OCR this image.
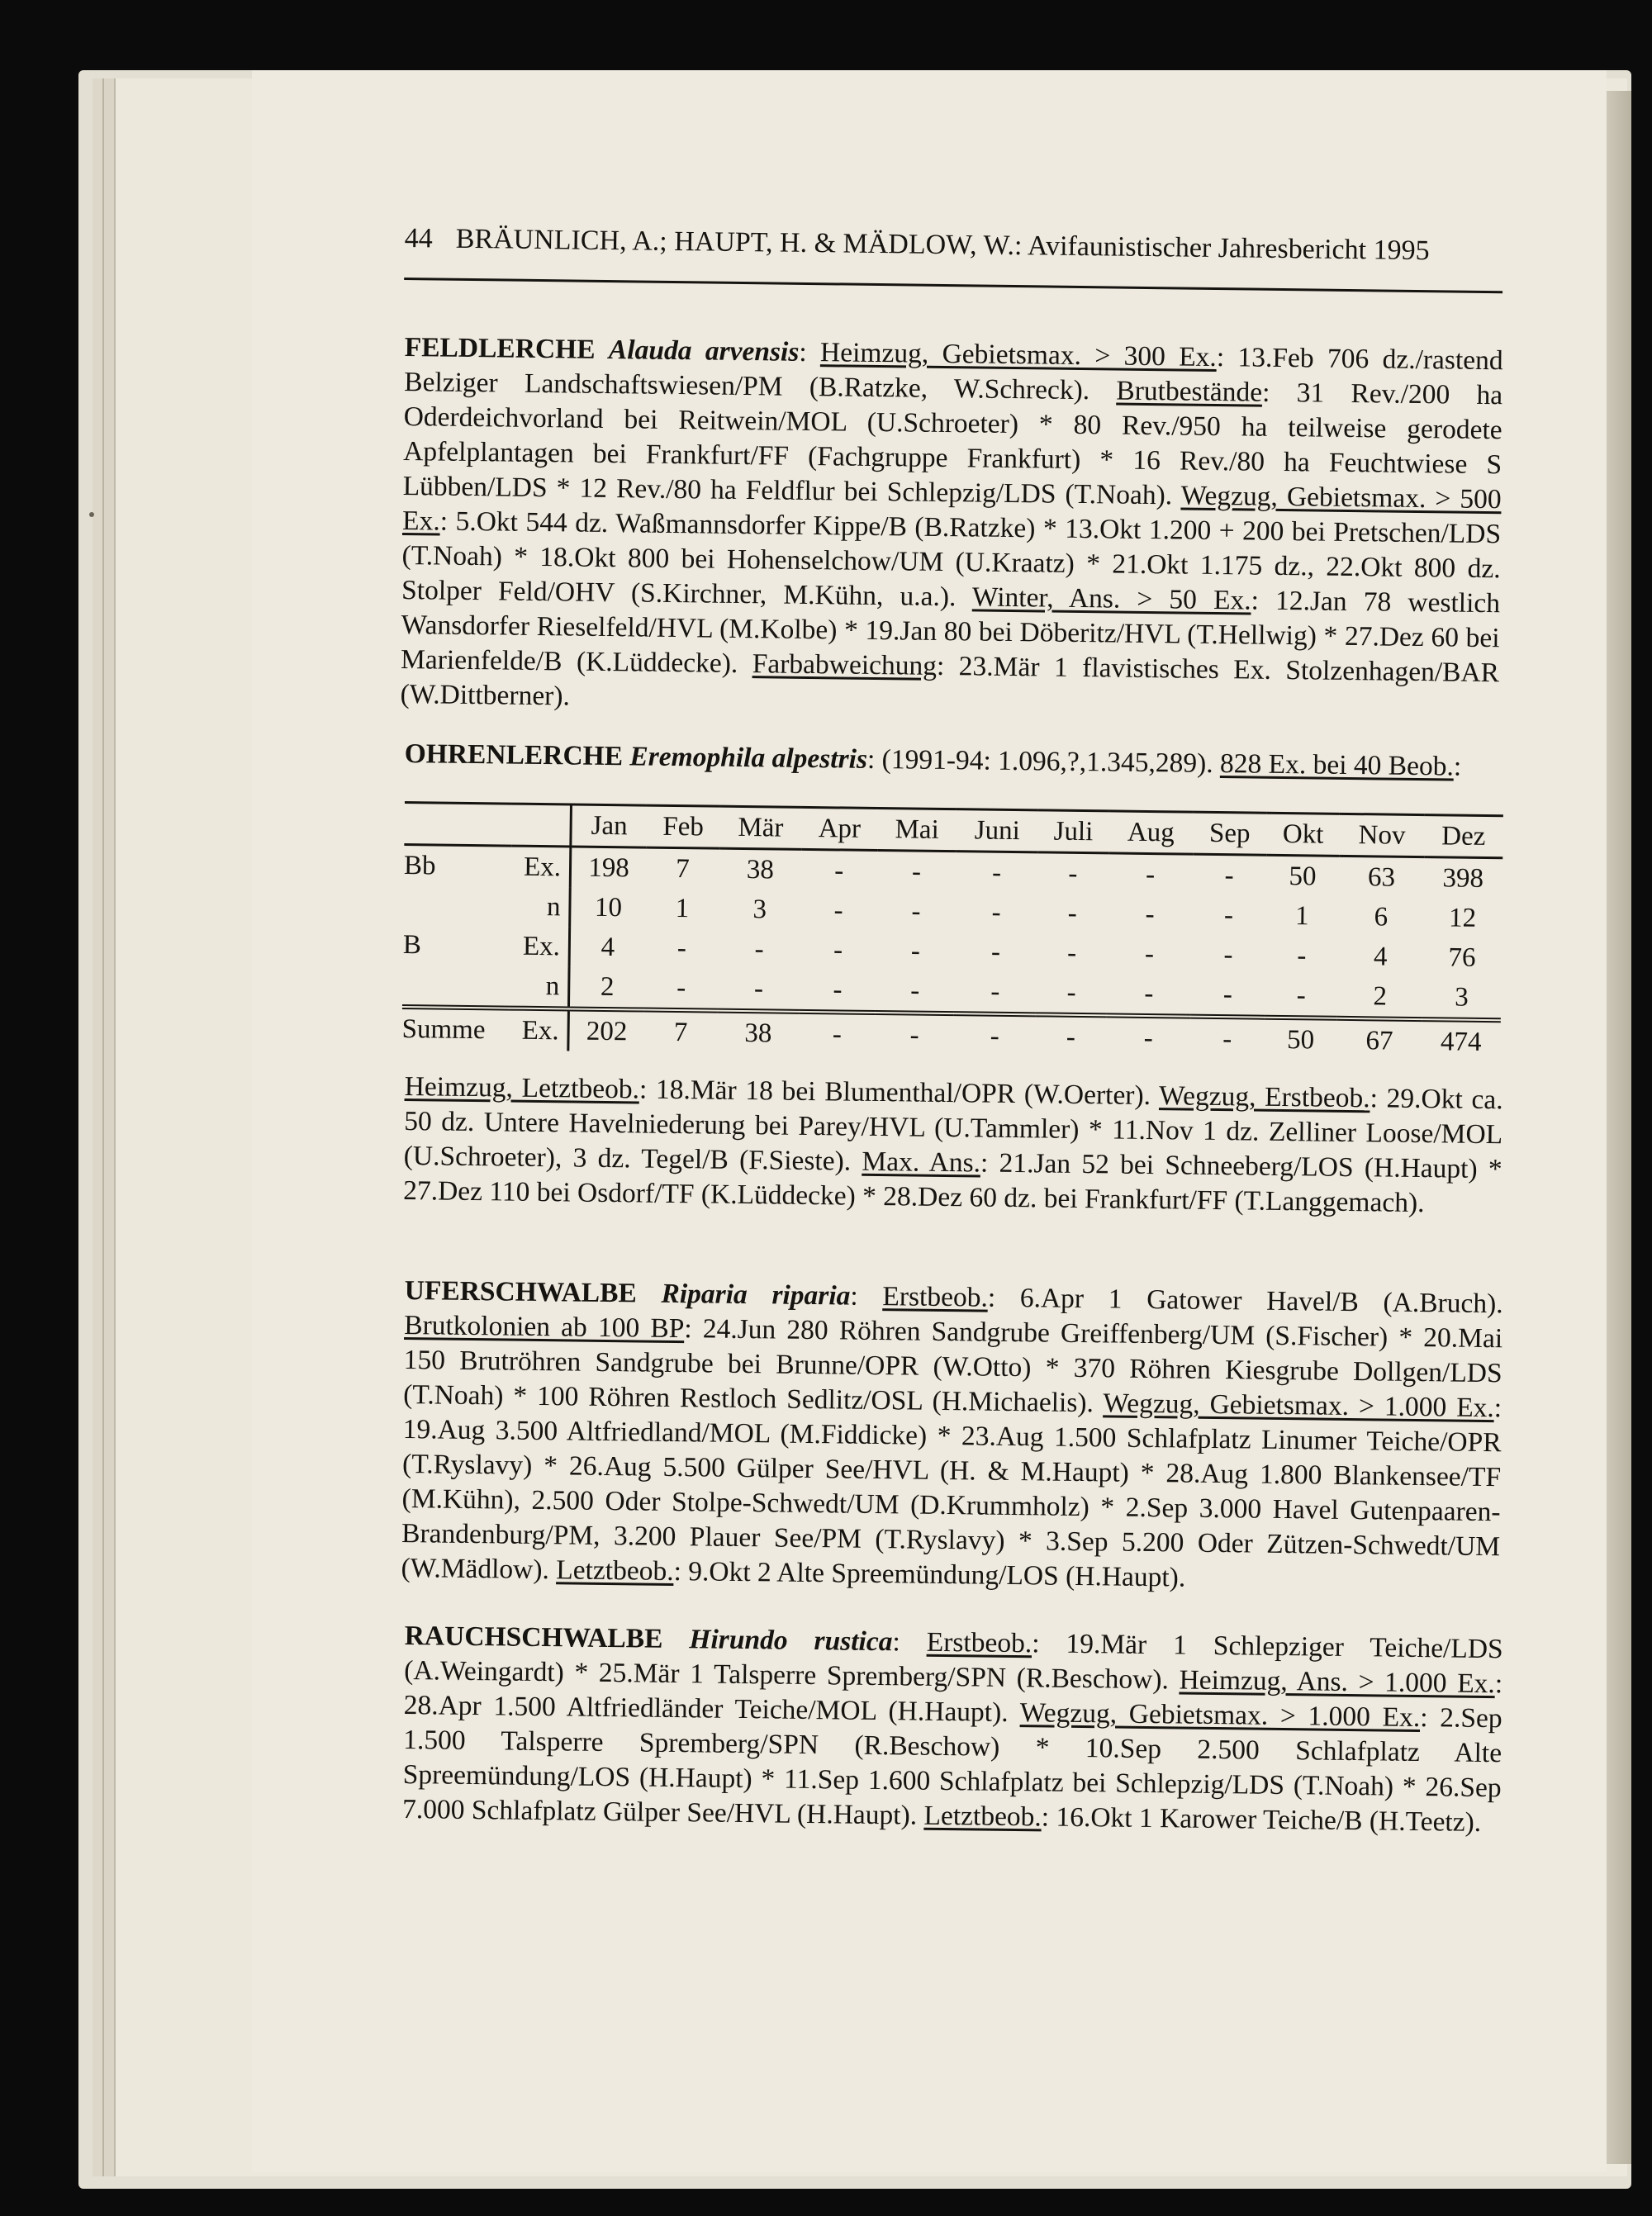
44 BRÄUNLICH, A.; HAUPT, H. & MÄDLOW, W.: Avifaunistischer Jahresbericht 1995
FELDLERCHE Alauda arvensis: Heimzug, Gebietsmax. > 300 Ex.: 13.Feb 706 dz./rastend Belziger Landschaftswiesen/PM (B.Ratzke, W.Schreck). Brutbestände: 31 Rev./200 ha Oderdeichvorland bei Reitwein/MOL (U.Schroeter) * 80 Rev./950 ha teilweise gerodete Apfelplantagen bei Frankfurt/FF (Fachgruppe Frankfurt) * 16 Rev./80 ha Feuchtwiese S Lübben/LDS * 12 Rev./80 ha Feldflur bei Schlepzig/LDS (T.Noah). Wegzug, Gebietsmax. > 500 Ex.: 5.Okt 544 dz. Waßmannsdorfer Kippe/B (B.Ratzke) * 13.Okt 1.200 + 200 bei Pretschen/LDS (T.Noah) * 18.Okt 800 bei Hohenselchow/UM (U.Kraatz) * 21.Okt 1.175 dz., 22.Okt 800 dz. Stolper Feld/OHV (S.Kirchner, M.Kühn, u.a.). Winter, Ans. > 50 Ex.: 12.Jan 78 westlich Wansdorfer Rieselfeld/HVL (M.Kolbe) * 19.Jan 80 bei Döberitz/HVL (T.Hellwig) * 27.Dez 60 bei Marienfelde/B (K.Lüddecke). Farbabweichung: 23.Mär 1 flavistisches Ex. Stolzenhagen/BAR (W.Dittberner).
OHRENLERCHE Eremophila alpestris: (1991-94: 1.096,?,1.345,289). 828 Ex. bei 40 Beob.:
		Jan	Feb	Mär	Apr	Mai	Juni	Juli	Aug	Sep	Okt	Nov	Dez
Bb	Ex.	198	7	38	-	-	-	-	-	-	50	63	398
	n	10	1	3	-	-	-	-	-	-	1	6	12
B	Ex.	4	-	-	-	-	-	-	-	-	-	4	76
	n	2	-	-	-	-	-	-	-	-	-	2	3
Summe	Ex.	202	7	38	-	-	-	-	-	-	50	67	474
Heimzug, Letztbeob.: 18.Mär 18 bei Blumenthal/OPR (W.Oerter). Wegzug, Erstbeob.: 29.Okt ca. 50 dz. Untere Havelniederung bei Parey/HVL (U.Tammler) * 11.Nov 1 dz. Zelliner Loose/MOL (U.Schroeter), 3 dz. Tegel/B (F.Sieste). Max. Ans.: 21.Jan 52 bei Schneeberg/LOS (H.Haupt) * 27.Dez 110 bei Osdorf/TF (K.Lüddecke) * 28.Dez 60 dz. bei Frankfurt/FF (T.Langgemach).
UFERSCHWALBE Riparia riparia: Erstbeob.: 6.Apr 1 Gatower Havel/B (A.Bruch). Brutkolonien ab 100 BP: 24.Jun 280 Röhren Sandgrube Greiffenberg/UM (S.Fischer) * 20.Mai 150 Brutröhren Sandgrube bei Brunne/OPR (W.Otto) * 370 Röhren Kiesgrube Dollgen/LDS (T.Noah) * 100 Röhren Restloch Sedlitz/OSL (H.Michaelis). Wegzug, Gebietsmax. > 1.000 Ex.: 19.Aug 3.500 Altfriedland/MOL (M.Fiddicke) * 23.Aug 1.500 Schlafplatz Linumer Teiche/OPR (T.Ryslavy) * 26.Aug 5.500 Gülper See/HVL (H. & M.Haupt) * 28.Aug 1.800 Blankensee/TF (M.Kühn), 2.500 Oder Stolpe-Schwedt/UM (D.Krummholz) * 2.Sep 3.000 Havel Gutenpaaren-Brandenburg/PM, 3.200 Plauer See/PM (T.Ryslavy) * 3.Sep 5.200 Oder Zützen-Schwedt/UM (W.Mädlow). Letztbeob.: 9.Okt 2 Alte Spreemündung/LOS (H.Haupt).
RAUCHSCHWALBE Hirundo rustica: Erstbeob.: 19.Mär 1 Schlepziger Teiche/LDS (A.Weingardt) * 25.Mär 1 Talsperre Spremberg/SPN (R.Beschow). Heimzug, Ans. > 1.000 Ex.: 28.Apr 1.500 Altfriedländer Teiche/MOL (H.Haupt). Wegzug, Gebietsmax. > 1.000 Ex.: 2.Sep 1.500 Talsperre Spremberg/SPN (R.Beschow) * 10.Sep 2.500 Schlafplatz Alte Spreemündung/LOS (H.Haupt) * 11.Sep 1.600 Schlafplatz bei Schlepzig/LDS (T.Noah) * 26.Sep 7.000 Schlafplatz Gülper See/HVL (H.Haupt). Letztbeob.: 16.Okt 1 Karower Teiche/B (H.Teetz).
